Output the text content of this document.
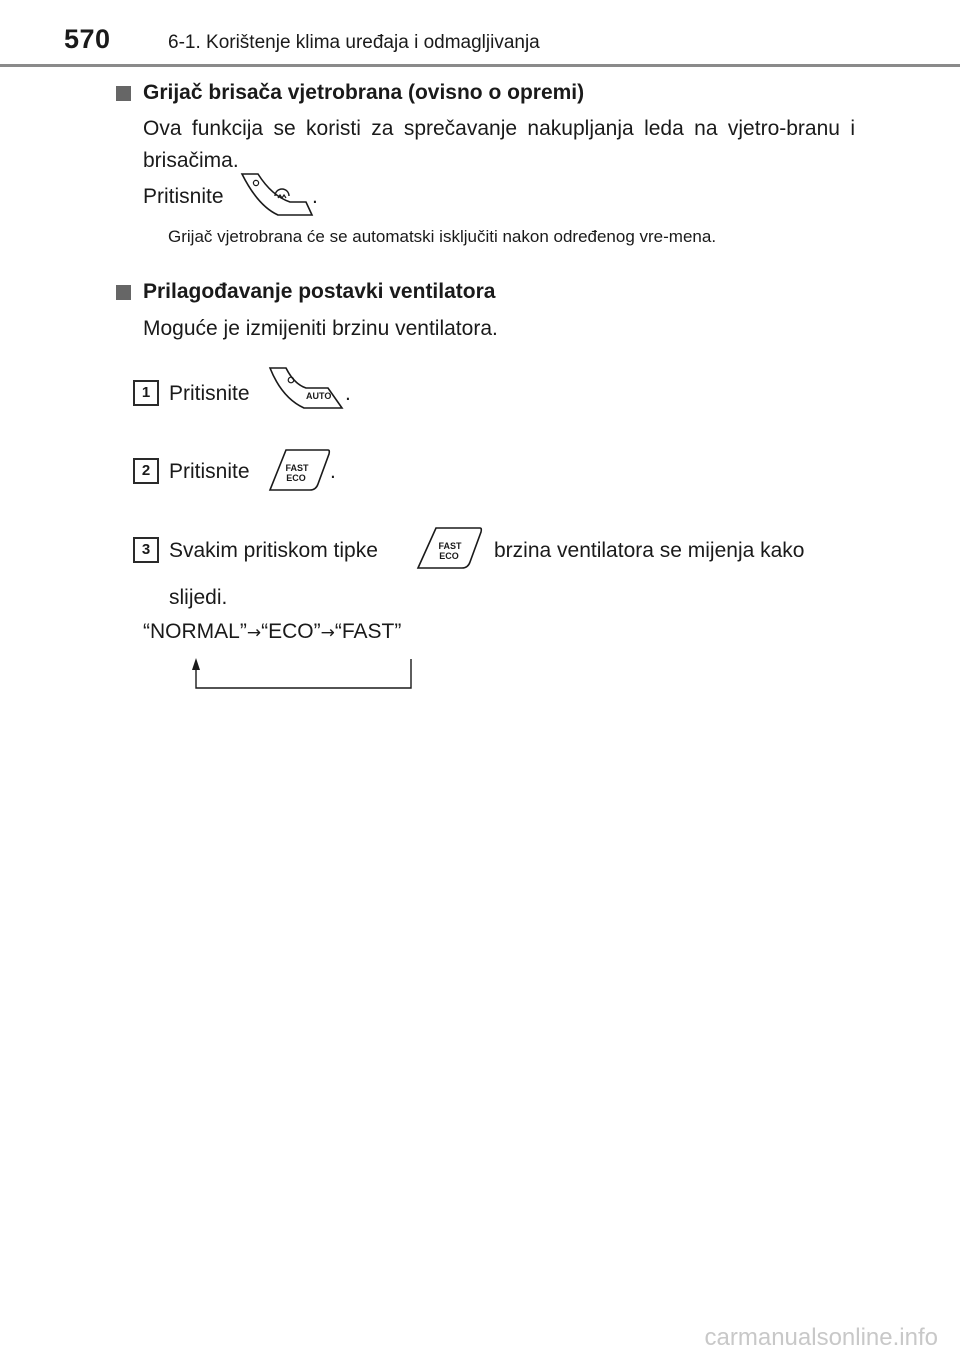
570	6-1. Korištenje klima uređaja i odmagljivanja
Grijač brisača vjetrobrana (ovisno o opremi)
Ova funkcija se koristi za sprečavanje nakupljanja leda na vjetro-branu i brisačima.
Pritisnite	.
Grijač vjetrobrana će se automatski isključiti nakon određenog vre-mena.
Prilagođavanje postavki ventilatora
Moguće je izmijeniti brzinu ventilatora.
1 Pritisnite	AUTO .
2 Pritisnite	FAST
ECO .
3 Svakim pritiskom tipke	FAST
ECO brzina ventilatora se mijenja kako
slijedi.
“NORMAL”→“ECO”→“FAST”
carmanualsonline.info
